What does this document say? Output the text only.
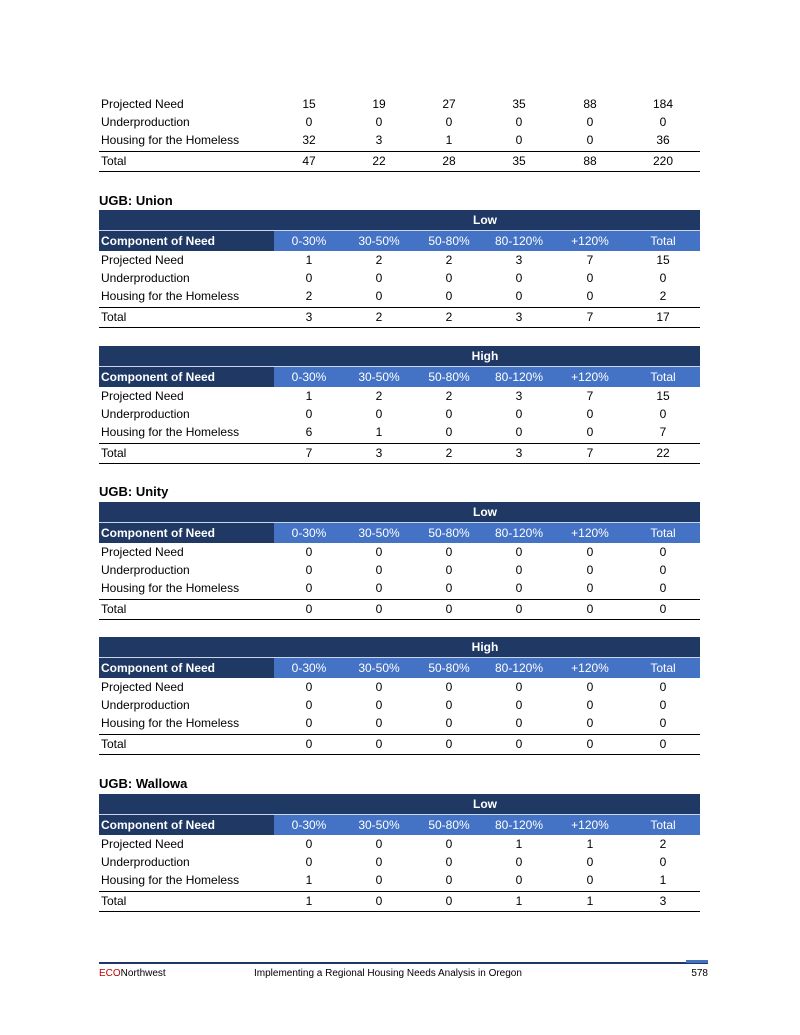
Projected Need	15	19	27	35	88	184
Underproduction	0	0	0	0	0	0
Housing for the Homeless	32	3	1	0	0	36
Total	47	22	28	35	88	220
UGB: Union
Low
Component of Need	0-30%	30-50%	50-80%	80-120%	+120%	Total
Projected Need	1	2	2	3	7	15
Underproduction	0	0	0	0	0	0
Housing for the Homeless	2	0	0	0	0	2
Total	3	2	2	3	7	17
High
Component of Need	0-30%	30-50%	50-80%	80-120%	+120%	Total
Projected Need	1	2	2	3	7	15
Underproduction	0	0	0	0	0	0
Housing for the Homeless	6	1	0	0	0	7
Total	7	3	2	3	7	22
UGB: Unity
Low
Component of Need	0-30%	30-50%	50-80%	80-120%	+120%	Total
Projected Need	0	0	0	0	0	0
Underproduction	0	0	0	0	0	0
Housing for the Homeless	0	0	0	0	0	0
Total	0	0	0	0	0	0
High
Component of Need	0-30%	30-50%	50-80%	80-120%	+120%	Total
Projected Need	0	0	0	0	0	0
Underproduction	0	0	0	0	0	0
Housing for the Homeless	0	0	0	0	0	0
Total	0	0	0	0	0	0
UGB: Wallowa
Low
Component of Need	0-30%	30-50%	50-80%	80-120%	+120%	Total
Projected Need	0	0	0	1	1	2
Underproduction	0	0	0	0	0	0
Housing for the Homeless	1	0	0	0	0	1
Total	1	0	0	1	1	3
ECONorthwest	Implementing a Regional Housing Needs Analysis in Oregon	578
